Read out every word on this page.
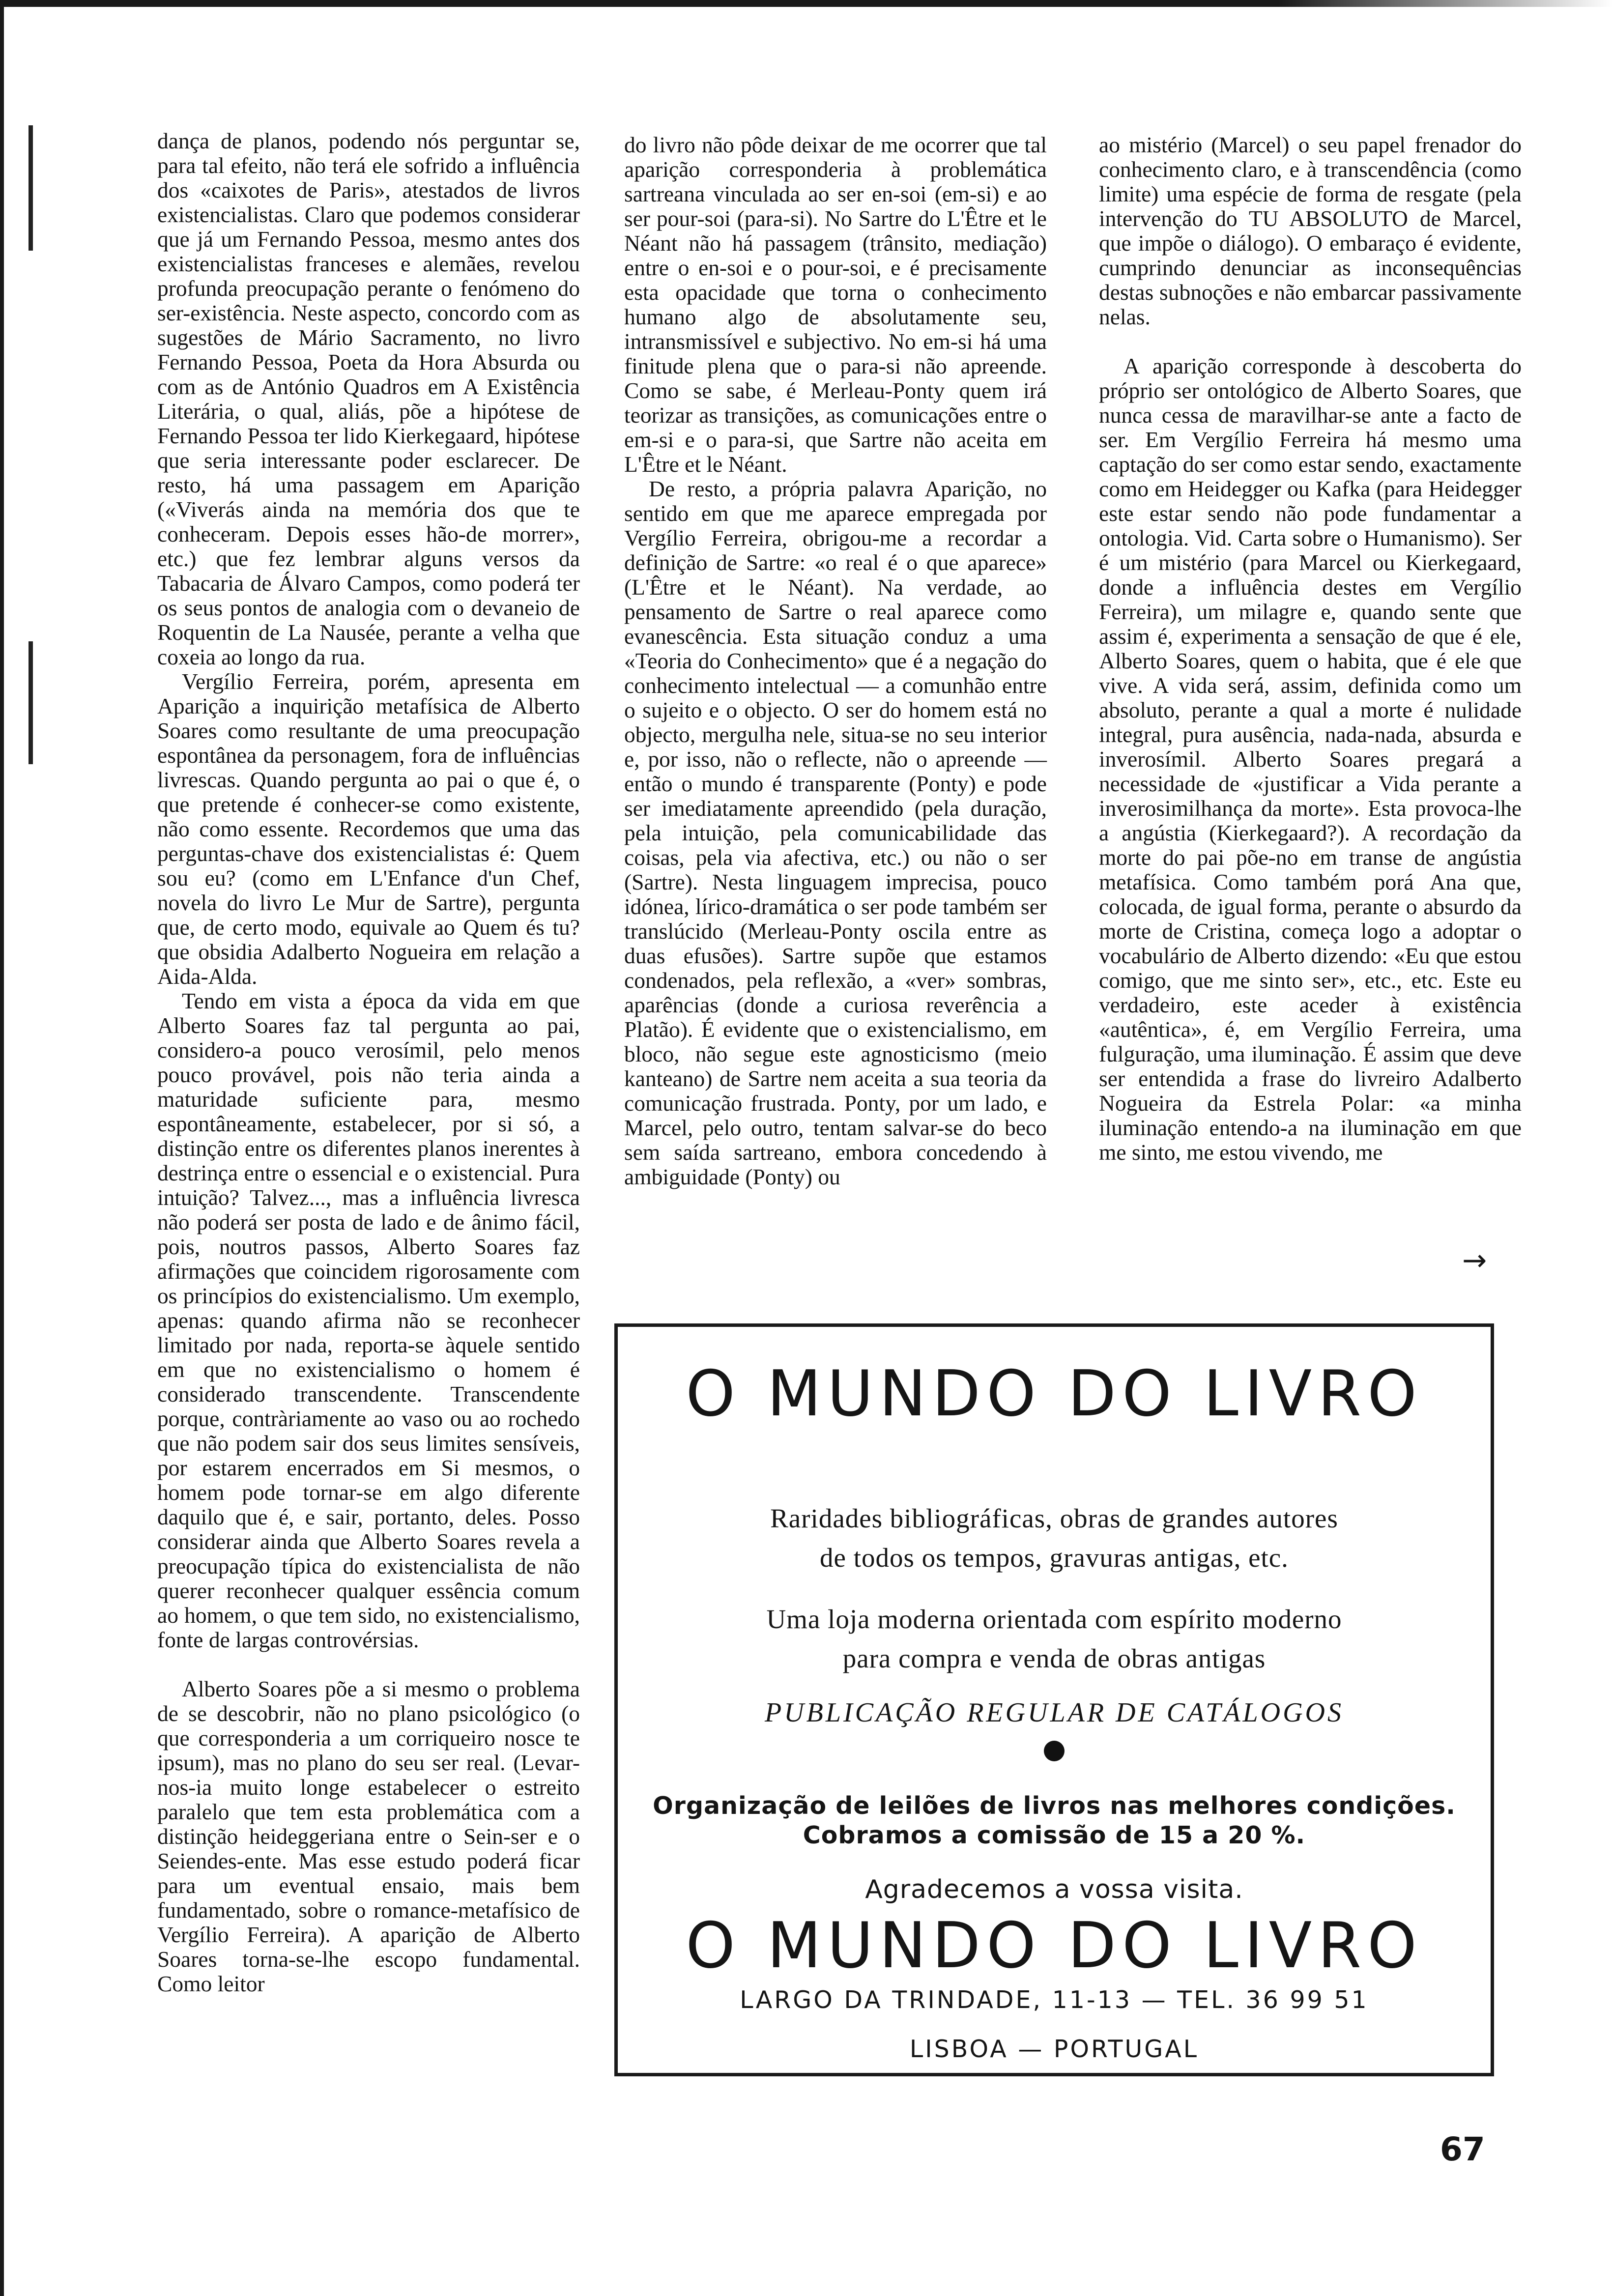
dança de planos, podendo nós perguntar se, para tal efeito, não terá ele sofrido a influência dos «caixotes de Paris», atestados de livros existencialistas. Claro que podemos considerar que já um Fernando Pessoa, mesmo antes dos existencialistas franceses e alemães, revelou profunda preocupação perante o fenómeno do ser-existência. Neste aspecto, concordo com as sugestões de Mário Sacramento, no livro Fernando Pessoa, Poeta da Hora Absurda ou com as de António Quadros em A Existência Literária, o qual, aliás, põe a hipótese de Fernando Pessoa ter lido Kierkegaard, hipótese que seria interessante poder esclarecer. De resto, há uma passagem em Aparição («Viverás ainda na memória dos que te conheceram. Depois esses hão-de morrer», etc.) que fez lembrar alguns versos da Tabacaria de Álvaro Campos, como poderá ter os seus pontos de analogia com o devaneio de Roquentin de La Nausée, perante a velha que coxeia ao longo da rua.

Vergílio Ferreira, porém, apresenta em Aparição a inquirição metafísica de Alberto Soares como resultante de uma preocupação espontânea da personagem, fora de influências livrescas. Quando pergunta ao pai o que é, o que pretende é conhecer-se como existente, não como essente. Recordemos que uma das perguntas-chave dos existencialistas é: Quem sou eu? (como em L'Enfance d'un Chef, novela do livro Le Mur de Sartre), pergunta que, de certo modo, equivale ao Quem és tu? que obsidia Adalberto Nogueira em relação a Aida-Alda.

Tendo em vista a época da vida em que Alberto Soares faz tal pergunta ao pai, considero-a pouco verosímil, pelo menos pouco provável, pois não teria ainda a maturidade suficiente para, mesmo espontâneamente, estabelecer, por si só, a distinção entre os diferentes planos inerentes à destrinça entre o essencial e o existencial. Pura intuição? Talvez..., mas a influência livresca não poderá ser posta de lado e de ânimo fácil, pois, noutros passos, Alberto Soares faz afirmações que coincidem rigorosamente com os princípios do existencialismo. Um exemplo, apenas: quando afirma não se reconhecer limitado por nada, reporta-se àquele sentido em que no existencialismo o homem é considerado transcendente. Transcendente porque, contràriamente ao vaso ou ao rochedo que não podem sair dos seus limites sensíveis, por estarem encerrados em Si mesmos, o homem pode tornar-se em algo diferente daquilo que é, e sair, portanto, deles. Posso considerar ainda que Alberto Soares revela a preocupação típica do existencialista de não querer reconhecer qualquer essência comum ao homem, o que tem sido, no existencialismo, fonte de largas controvérsias.

Alberto Soares põe a si mesmo o problema de se descobrir, não no plano psicológico (o que corresponderia a um corriqueiro nosce te ipsum), mas no plano do seu ser real. (Levar-nos-ia muito longe estabelecer o estreito paralelo que tem esta problemática com a distinção heideggeriana entre o Sein-ser e o Seiendes-ente. Mas esse estudo poderá ficar para um eventual ensaio, mais bem fundamentado, sobre o romance-metafísico de Vergílio Ferreira). A aparição de Alberto Soares torna-se-lhe escopo fundamental. Como leitor

do livro não pôde deixar de me ocorrer que tal aparição corresponderia à problemática sartreana vinculada ao ser en-soi (em-si) e ao ser pour-soi (para-si). No Sartre do L'Être et le Néant não há passagem (trânsito, mediação) entre o en-soi e o pour-soi, e é precisamente esta opacidade que torna o conhecimento humano algo de absolutamente seu, intransmissível e subjectivo. No em-si há uma finitude plena que o para-si não apreende. Como se sabe, é Merleau-Ponty quem irá teorizar as transições, as comunicações entre o em-si e o para-si, que Sartre não aceita em L'Être et le Néant.

De resto, a própria palavra Aparição, no sentido em que me aparece empregada por Vergílio Ferreira, obrigou-me a recordar a definição de Sartre: «o real é o que aparece» (L'Être et le Néant). Na verdade, ao pensamento de Sartre o real aparece como evanescência. Esta situação conduz a uma «Teoria do Conhecimento» que é a negação do conhecimento intelectual — a comunhão entre o sujeito e o objecto. O ser do homem está no objecto, mergulha nele, situa-se no seu interior e, por isso, não o reflecte, não o apreende — então o mundo é transparente (Ponty) e pode ser imediatamente apreendido (pela duração, pela intuição, pela comunicabilidade das coisas, pela via afectiva, etc.) ou não o ser (Sartre). Nesta linguagem imprecisa, pouco idónea, lírico-dramática o ser pode também ser translúcido (Merleau-Ponty oscila entre as duas efusões). Sartre supõe que estamos condenados, pela reflexão, a «ver» sombras, aparências (donde a curiosa reverência a Platão). É evidente que o existencialismo, em bloco, não segue este agnosticismo (meio kanteano) de Sartre nem aceita a sua teoria da comunicação frustrada. Ponty, por um lado, e Marcel, pelo outro, tentam salvar-se do beco sem saída sartreano, embora concedendo à ambiguidade (Ponty) ou

ao mistério (Marcel) o seu papel frenador do conhecimento claro, e à transcendência (como limite) uma espécie de forma de resgate (pela intervenção do TU ABSOLUTO de Marcel, que impõe o diálogo). O embaraço é evidente, cumprindo denunciar as inconsequências destas subnoções e não embarcar passivamente nelas.

A aparição corresponde à descoberta do próprio ser ontológico de Alberto Soares, que nunca cessa de maravilhar-se ante a facto de ser. Em Vergílio Ferreira há mesmo uma captação do ser como estar sendo, exactamente como em Heidegger ou Kafka (para Heidegger este estar sendo não pode fundamentar a ontologia. Vid. Carta sobre o Humanismo). Ser é um mistério (para Marcel ou Kierkegaard, donde a influência destes em Vergílio Ferreira), um milagre e, quando sente que assim é, experimenta a sensação de que é ele, Alberto Soares, quem o habita, que é ele que vive. A vida será, assim, definida como um absoluto, perante a qual a morte é nulidade integral, pura ausência, nada-nada, absurda e inverosímil. Alberto Soares pregará a necessidade de «justificar a Vida perante a inverosimilhança da morte». Esta provoca-lhe a angústia (Kierkegaard?). A recordação da morte do pai põe-no em transe de angústia metafísica. Como também porá Ana que, colocada, de igual forma, perante o absurdo da morte de Cristina, começa logo a adoptar o vocabulário de Alberto dizendo: «Eu que estou comigo, que me sinto ser», etc., etc. Este eu verdadeiro, este aceder à existência «autêntica», é, em Vergílio Ferreira, uma fulguração, uma iluminação. É assim que deve ser entendida a frase do livreiro Adalberto Nogueira da Estrela Polar: «a minha iluminação entendo-a na iluminação em que me sinto, me estou vivendo, me

→
O MUNDO DO LIVRO
Raridades bibliográficas, obras de grandes autores
de todos os tempos, gravuras antigas, etc.
Uma loja moderna orientada com espírito moderno
para compra e venda de obras antigas
PUBLICAÇÃO REGULAR DE CATÁLOGOS
Organização de leilões de livros nas melhores condições.
Cobramos a comissão de 15 a 20 %.
Agradecemos a vossa visita.
O MUNDO DO LIVRO
LARGO DA TRINDADE, 11-13 — TEL. 36 99 51
LISBOA — PORTUGAL
67
